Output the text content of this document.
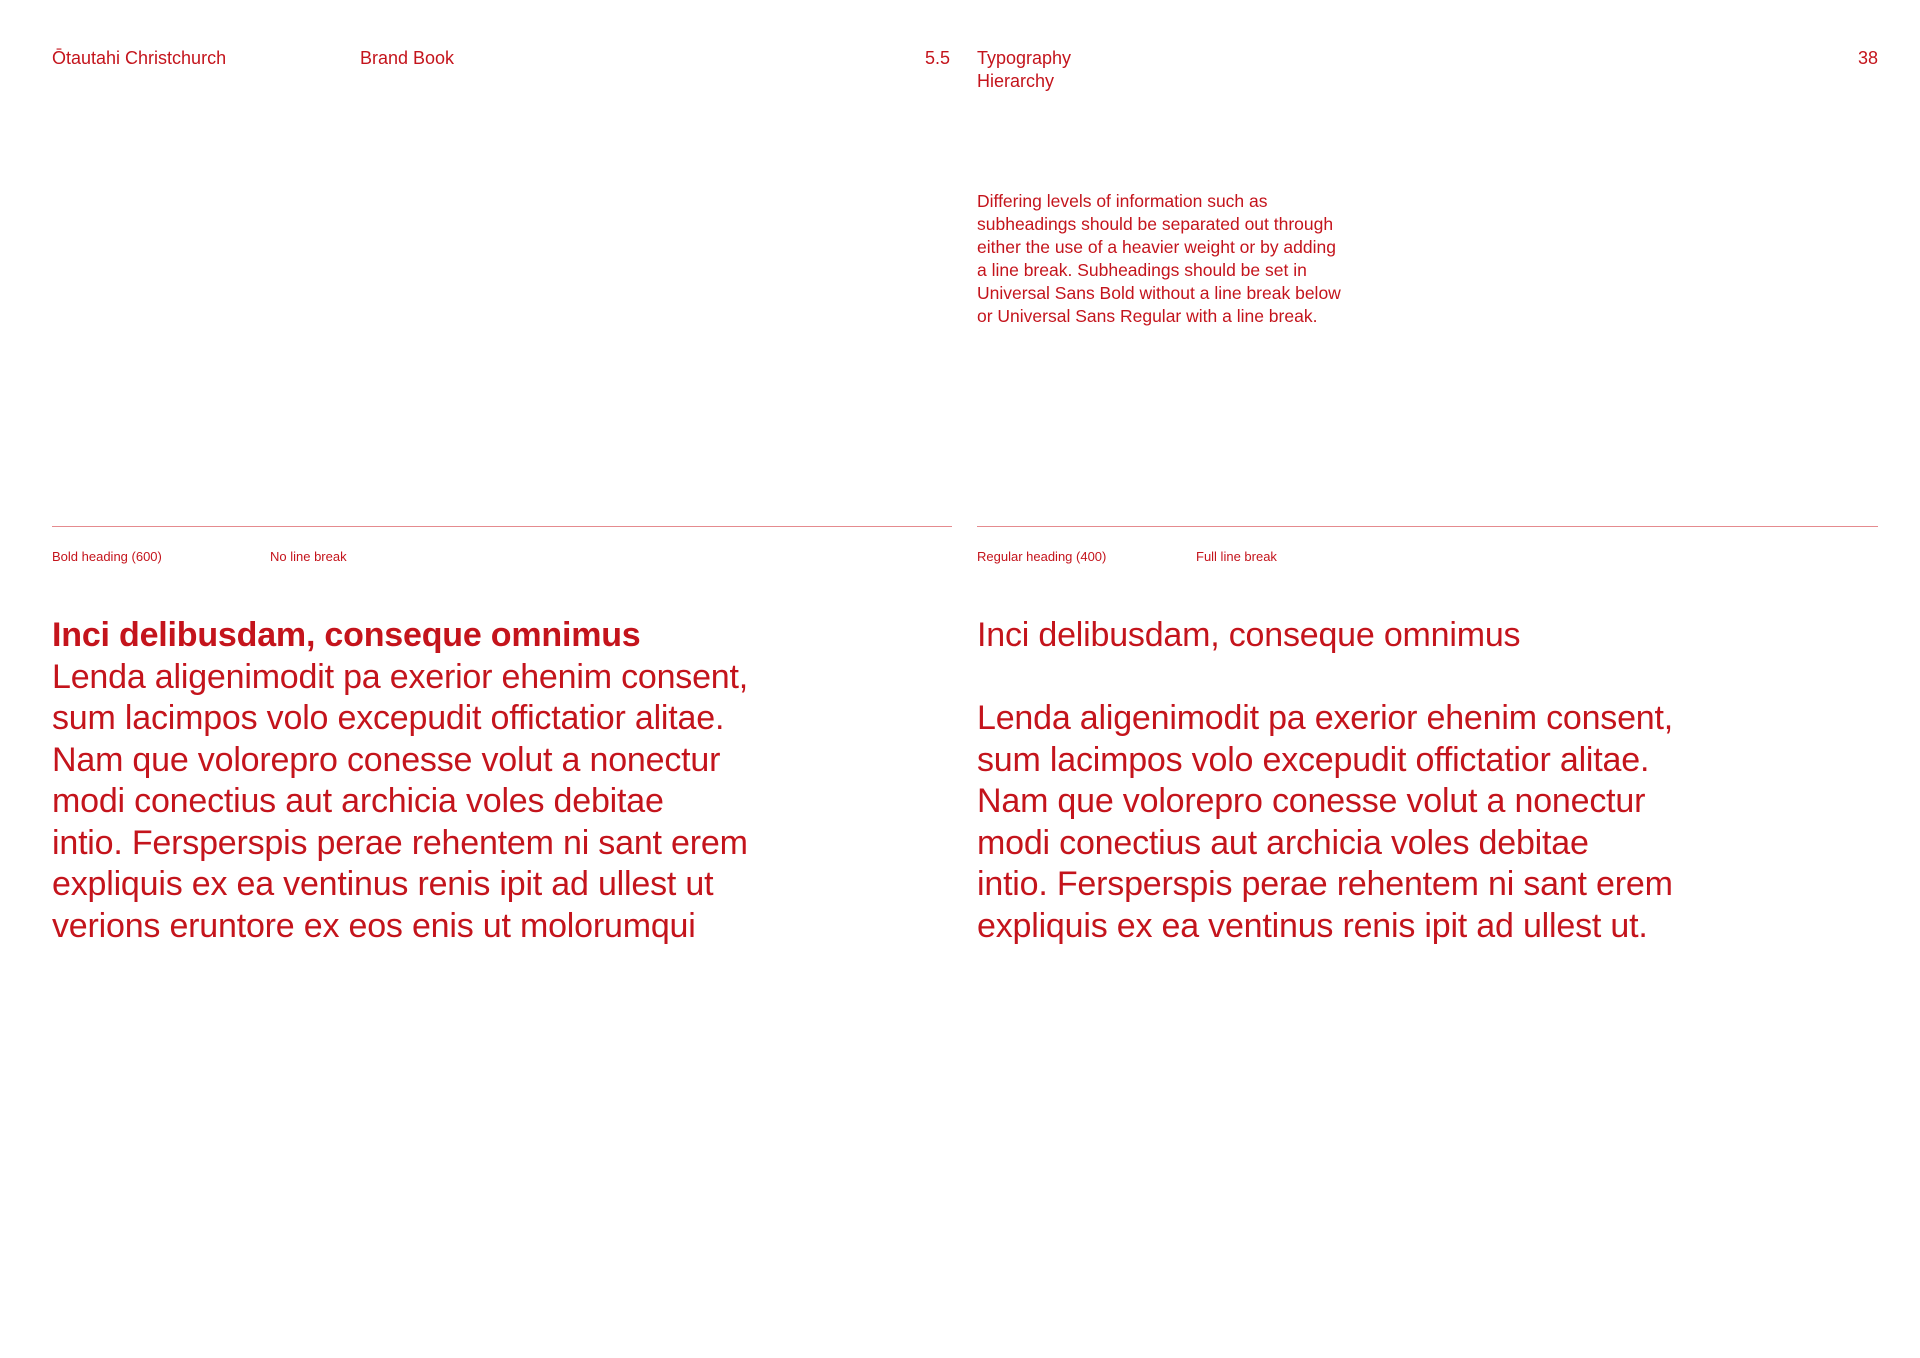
Ōtautahi Christchurch	Brand Book	5.5 Typography
Hierarchy
38
Differing levels of information such as
subheadings should be separated out through
either the use of a heavier weight or by adding
a line break. Subheadings should be set in
Universal Sans Bold without a line break below
or Universal Sans Regular with a line break.
Bold heading (600)	No line break	Regular heading (400)	Full line break
Inci delibusdam, conseque omnimus
Lenda aligenimodit pa exerior ehenim consent,
sum lacimpos volo excepudit offictatior alitae.
Nam que volorepro conesse volut a nonectur
modi conectius aut archicia voles debitae
intio. Fersperspis perae rehentem ni sant erem
expliquis ex ea ventinus renis ipit ad ullest ut
verions eruntore ex eos enis ut molorumqui
Inci delibusdam, conseque omnimus
Lenda aligenimodit pa exerior ehenim consent,
sum lacimpos volo excepudit offictatior alitae.
Nam que volorepro conesse volut a nonectur
modi conectius aut archicia voles debitae
intio. Fersperspis perae rehentem ni sant erem
expliquis ex ea ventinus renis ipit ad ullest ut.
